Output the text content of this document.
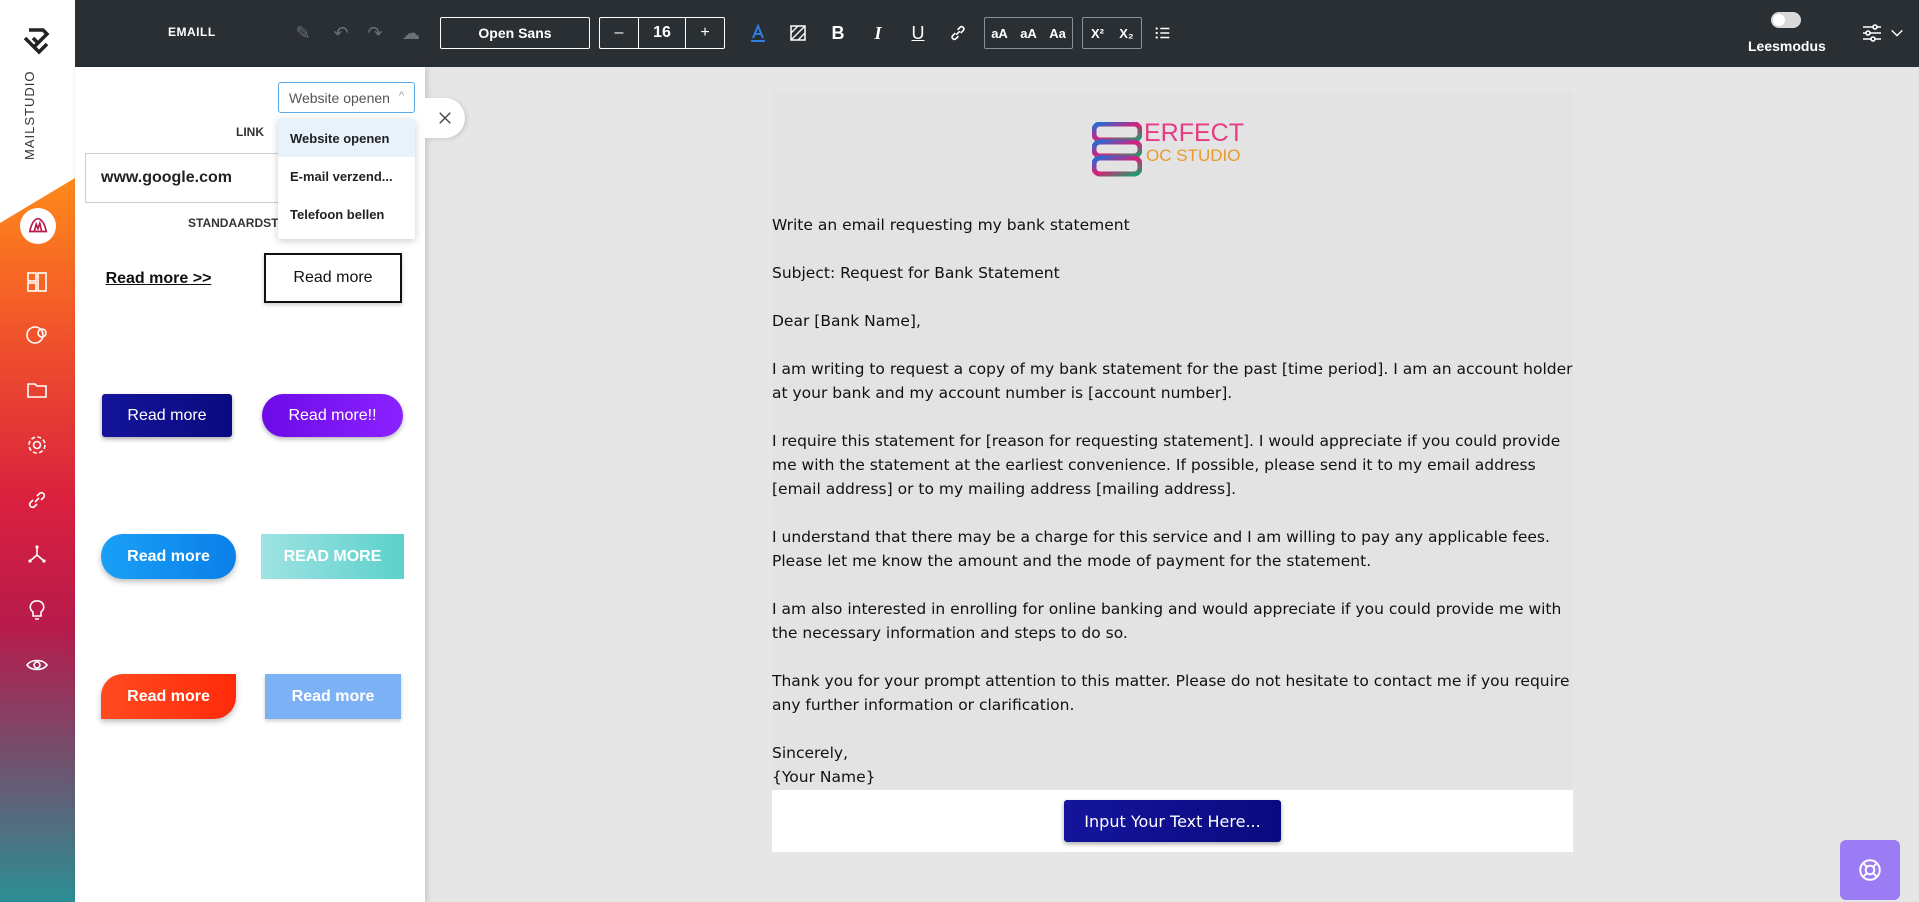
MAILSTUDIO
EMAILL	✎	↶	↷	☁	Open Sans	–	16	+	B	I	U	aA aA Aa	X²	X₂
Leesmodus
LINK
www.google.com
STANDAARDST
Website openen ^
Website openen
E-mail verzend...
Telefoon bellen
Read more >>	Read more
Read more	Read more!!
Read more	READ MORE
Read more	Read more
ERFECT
OC STUDIO

Write an email requesting my bank statement

Subject: Request for Bank Statement

Dear [Bank Name],

I am writing to request a copy of my bank statement for the past [time period]. I am an account holder at your bank and my account number is [account number].

I require this statement for [reason for requesting statement]. I would appreciate if you could provide me with the statement at the earliest convenience. If possible, please send it to my email address [email address] or to my mailing address [mailing address].

I understand that there may be a charge for this service and I am willing to pay any applicable fees. Please let me know the amount and the mode of payment for the statement.

I am also interested in enrolling for online banking and would appreciate if you could provide me with the necessary information and steps to do so.

Thank you for your prompt attention to this matter. Please do not hesitate to contact me if you require any further information or clarification.

Sincerely,

{Your Name}

Input Your Text Here...
